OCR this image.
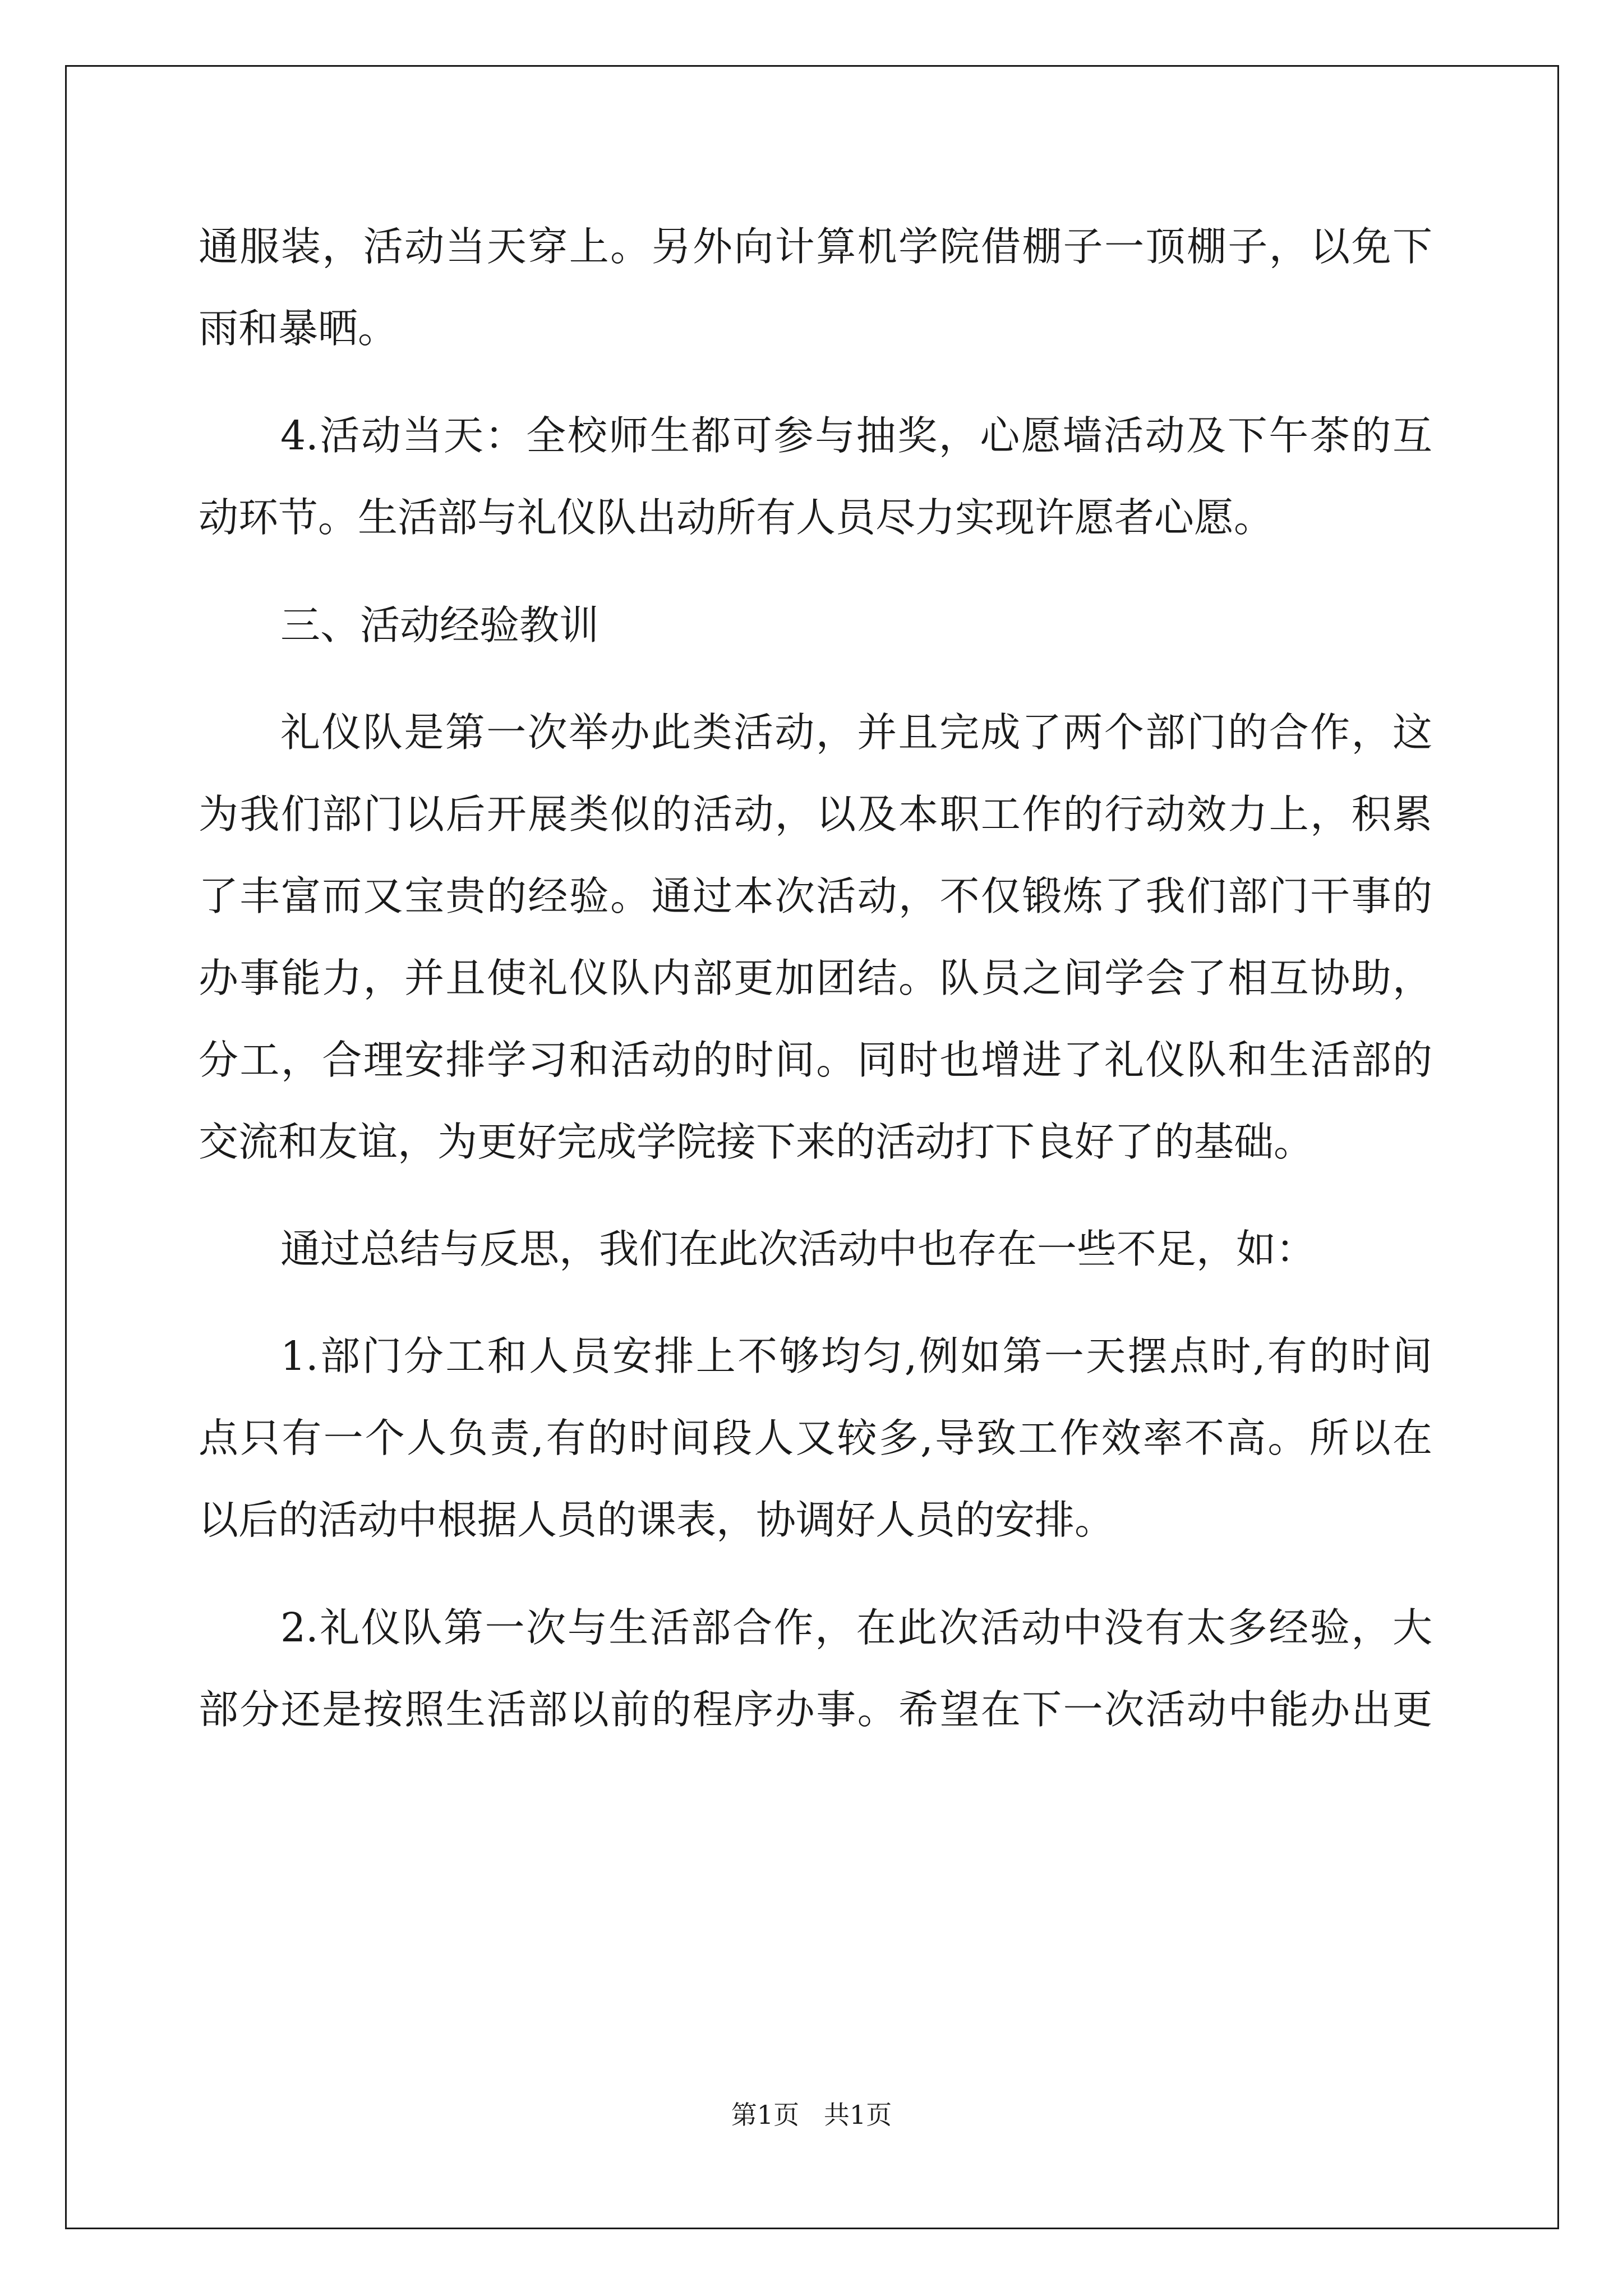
通服装，活动当天穿上。另外向计算机学院借棚子一顶棚子，以免下
雨和暴晒。
4.活动当天：全校师生都可参与抽奖，心愿墙活动及下午茶的互
动环节。生活部与礼仪队出动所有人员尽力实现许愿者心愿。
三、活动经验教训
礼仪队是第一次举办此类活动，并且完成了两个部门的合作，这
为我们部门以后开展类似的活动，以及本职工作的行动效力上，积累
了丰富而又宝贵的经验。通过本次活动，不仅锻炼了我们部门干事的
办事能力，并且使礼仪队内部更加团结。队员之间学会了相互协助，
分工，合理安排学习和活动的时间。同时也增进了礼仪队和生活部的
交流和友谊，为更好完成学院接下来的活动打下良好了的基础。
通过总结与反思，我们在此次活动中也存在一些不足，如：
1.部门分工和人员安排上不够均匀,例如第一天摆点时,有的时间
点只有一个人负责,有的时间段人又较多,导致工作效率不高。所以在
以后的活动中根据人员的课表，协调好人员的安排。
2.礼仪队第一次与生活部合作，在此次活动中没有太多经验，大
部分还是按照生活部以前的程序办事。希望在下一次活动中能办出更
第1页   共1页
